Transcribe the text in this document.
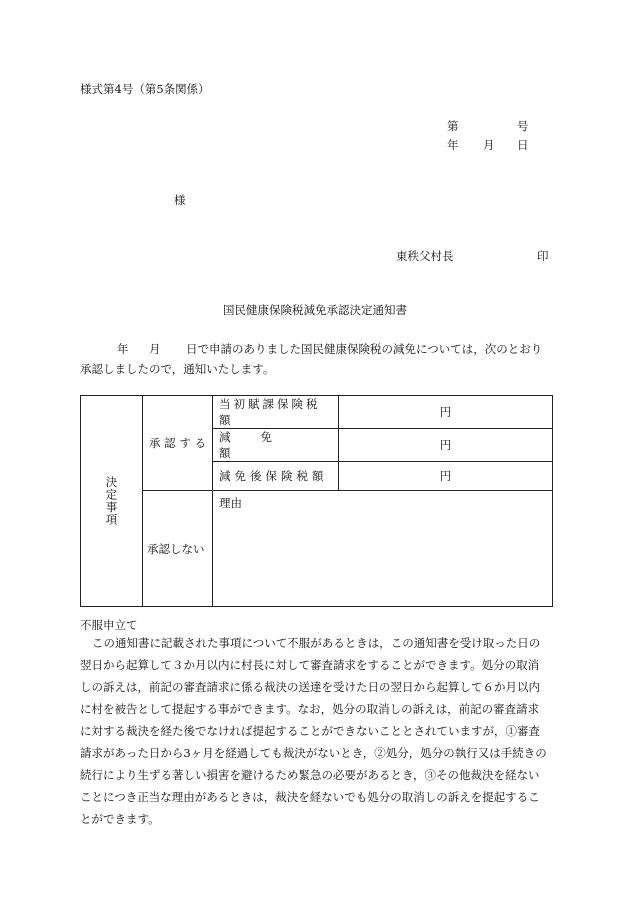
様式第4号（第5条関係）
第	号
年 月 日
様
東秩父村長	印
国民健康保険税減免承認決定通知書
年 月 日で申請のありました国民健康保険税の減免については，次のとおり
承認しましたので，通知いたします。
決定事項	承 認 す る	当初賦課保険税額	円

		減免額	円

		減免後保険税額	円

	承認しない	理由	
不服申立て
この通知書に記載された事項について不服があるときは，この通知書を受け取った日の
翌日から起算して３か月以内に村長に対して審査請求をすることができます。処分の取消
しの訴えは，前記の審査請求に係る裁決の送達を受けた日の翌日から起算して６か月以内
に村を被告として提起する事ができます。なお，処分の取消しの訴えは，前記の審査請求
に対する裁決を経た後でなければ提起することができないこととされていますが，①審査
請求があった日から3ヶ月を経過しても裁決がないとき，②処分，処分の執行又は手続きの
続行により生ずる著しい損害を避けるため緊急の必要があるとき，③その他裁決を経ない
ことにつき正当な理由があるときは，裁決を経ないでも処分の取消しの訴えを提起するこ
とができます。
